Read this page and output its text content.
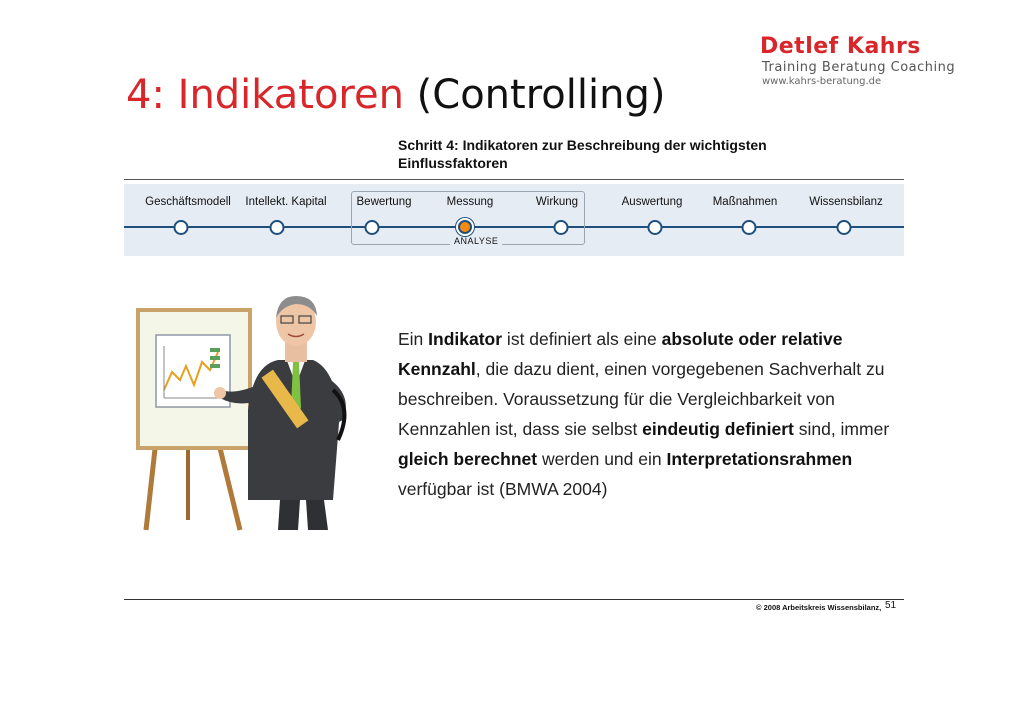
4: Indikatoren (Controlling)
Detlef Kahrs
Training Beratung Coaching
www.kahrs-beratung.de
Schritt 4: Indikatoren zur Beschreibung der wichtigsten
Einflussfaktoren
ANALYSE
Geschäftsmodell Intellekt. Kapital	Bewertung	Messung	Wirkung	Auswertung	Maßnahmen	Wissensbilanz
Ein Indikator ist definiert als eine absolute oder relative Kennzahl, die dazu dient, einen vorgegebenen Sachverhalt zu beschreiben. Voraussetzung für die Vergleichbarkeit von Kennzahlen ist, dass sie selbst eindeutig definiert sind, immer gleich berechnet werden und ein Interpretationsrahmen verfügbar ist (BMWA 2004)
© 2008 Arbeitskreis Wissensbilanz, 51
